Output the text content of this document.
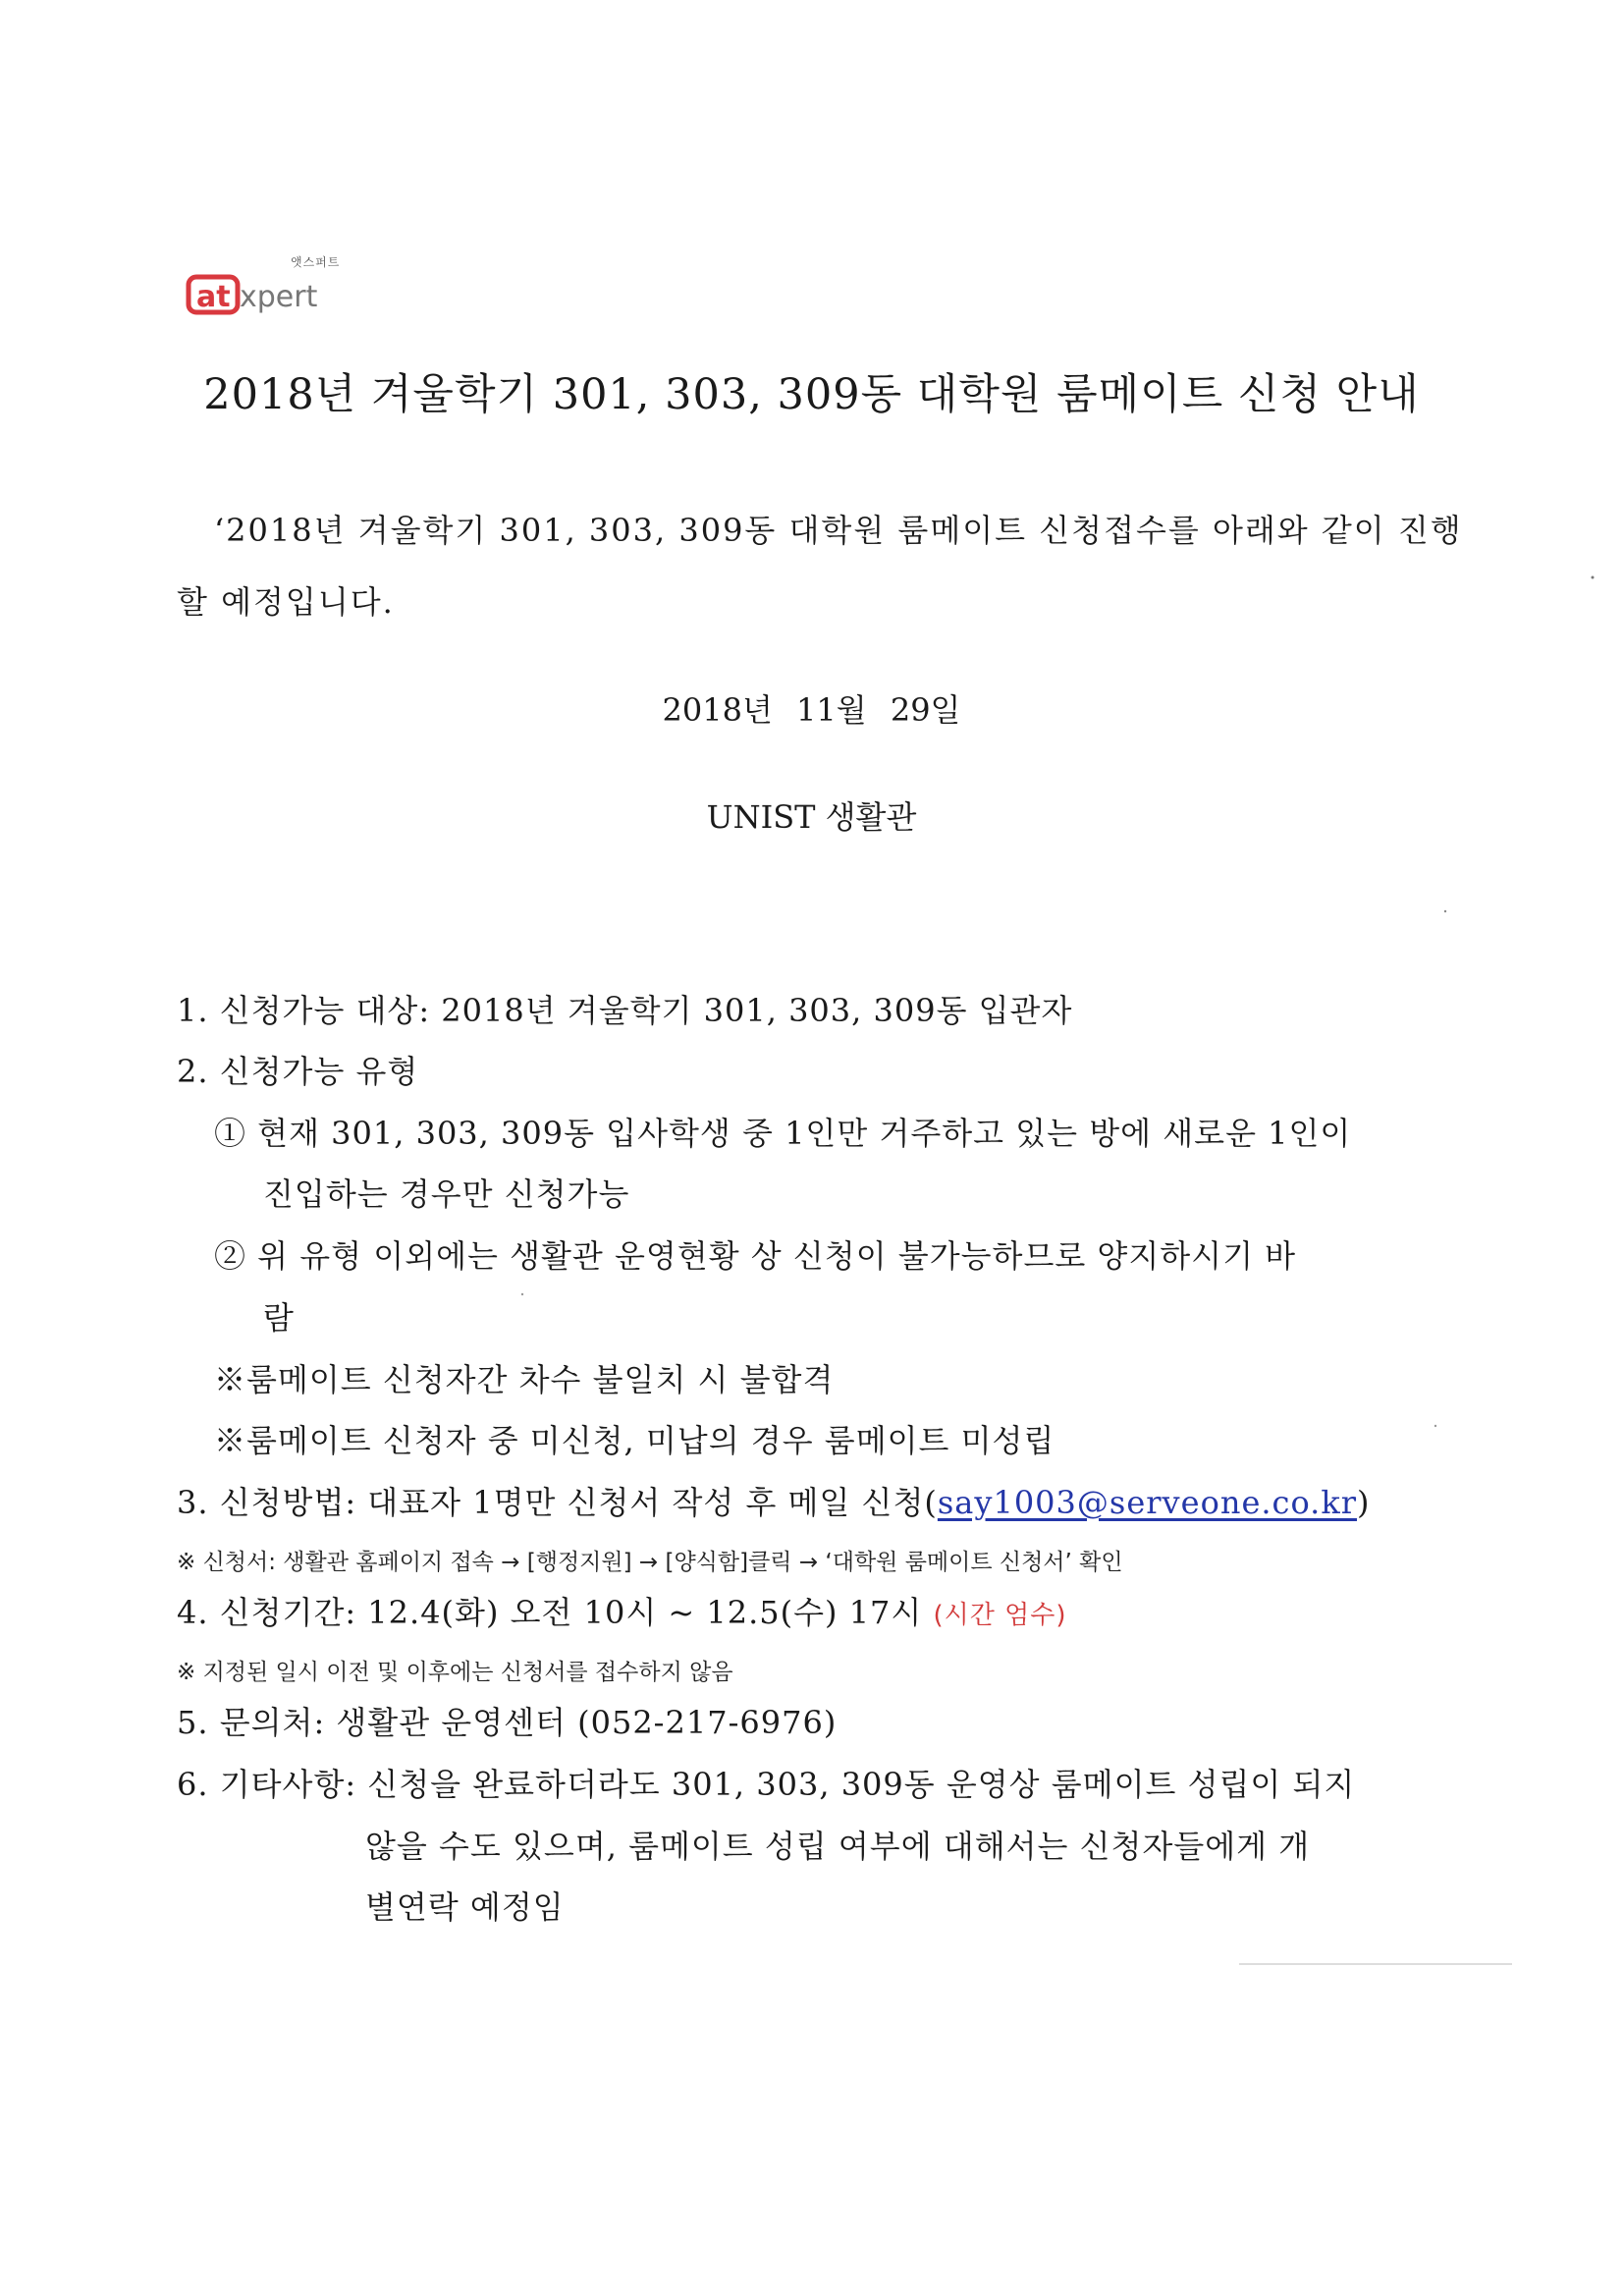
앳스퍼트
at xpert
2018년 겨울학기 301, 303, 309동 대학원 룸메이트 신청 안내
‘2018년 겨울학기 301, 303, 309동 대학원 룸메이트 신청접수를 아래와 같이 진행할 예정입니다.
2018년 11월 29일
UNIST 생활관
1. 신청가능 대상: 2018년 겨울학기 301, 303, 309동 입관자
2. 신청가능 유형
① 현재 301, 303, 309동 입사학생 중 1인만 거주하고 있는 방에 새로운 1인이
진입하는 경우만 신청가능
② 위 유형 이외에는 생활관 운영현황 상 신청이 불가능하므로 양지하시기 바
람
※룸메이트 신청자간 차수 불일치 시 불합격
※룸메이트 신청자 중 미신청, 미납의 경우 룸메이트 미성립
3. 신청방법: 대표자 1명만 신청서 작성 후 메일 신청(say1003@serveone.co.kr)
※ 신청서: 생활관 홈페이지 접속 → [행정지원] → [양식함]클릭 → ‘대학원 룸메이트 신청서’ 확인
4. 신청기간: 12.4(화) 오전 10시 ~ 12.5(수) 17시 (시간 엄수)
※ 지정된 일시 이전 및 이후에는 신청서를 접수하지 않음
5. 문의처: 생활관 운영센터 (052-217-6976)
6. 기타사항: 신청을 완료하더라도 301, 303, 309동 운영상 룸메이트 성립이 되지
않을 수도 있으며, 룸메이트 성립 여부에 대해서는 신청자들에게 개
별연락 예정임
